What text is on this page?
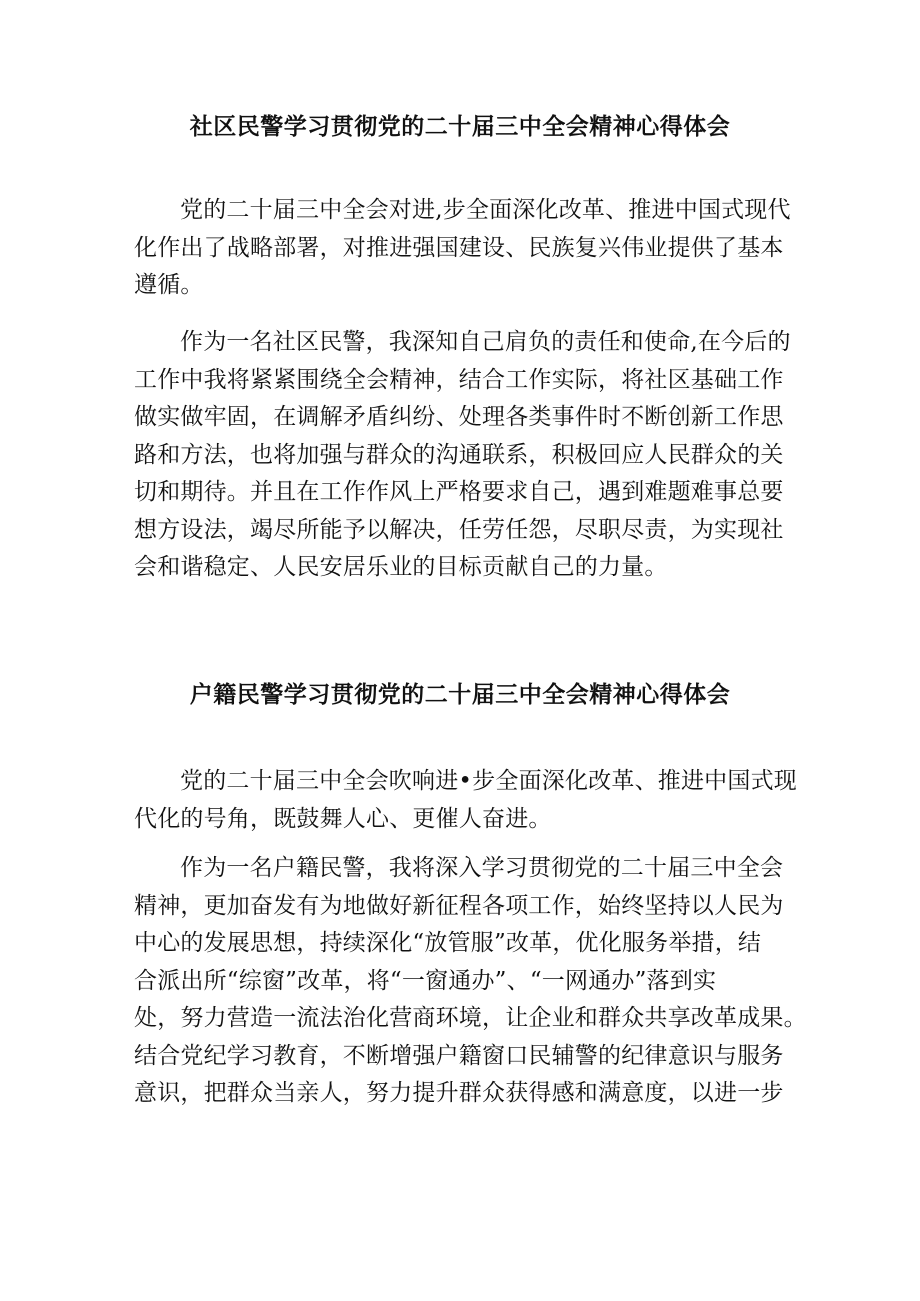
社区民警学习贯彻党的二十届三中全会精神心得体会
党的二十届三中全会对进,步全面深化改革、推进中国式现代
化作出了战略部署，对推进强国建设、民族复兴伟业提供了基本
遵循。
作为一名社区民警，我深知自己肩负的责任和使命,在今后的
工作中我将紧紧围绕全会精神，结合工作实际，将社区基础工作
做实做牢固，在调解矛盾纠纷、处理各类事件时不断创新工作思
路和方法，也将加强与群众的沟通联系，积极回应人民群众的关
切和期待。并且在工作作风上严格要求自己，遇到难题难事总要
想方设法，竭尽所能予以解决，任劳任怨，尽职尽责，为实现社
会和谐稳定、人民安居乐业的目标贡献自己的力量。
户籍民警学习贯彻党的二十届三中全会精神心得体会
党的二十届三中全会吹响进•步全面深化改革、推进中国式现
代化的号角，既鼓舞人心、更催人奋进。
作为一名户籍民警，我将深入学习贯彻党的二十届三中全会
精神，更加奋发有为地做好新征程各项工作，始终坚持以人民为
中心的发展思想，持续深化“放管服”改革，优化服务举措，结
合派出所“综窗”改革，将“一窗通办”、“一网通办”落到实
处，努力营造一流法治化营商环境，让企业和群众共享改革成果。
结合党纪学习教育，不断增强户籍窗口民辅警的纪律意识与服务
意识，把群众当亲人，努力提升群众获得感和满意度，以进一步
